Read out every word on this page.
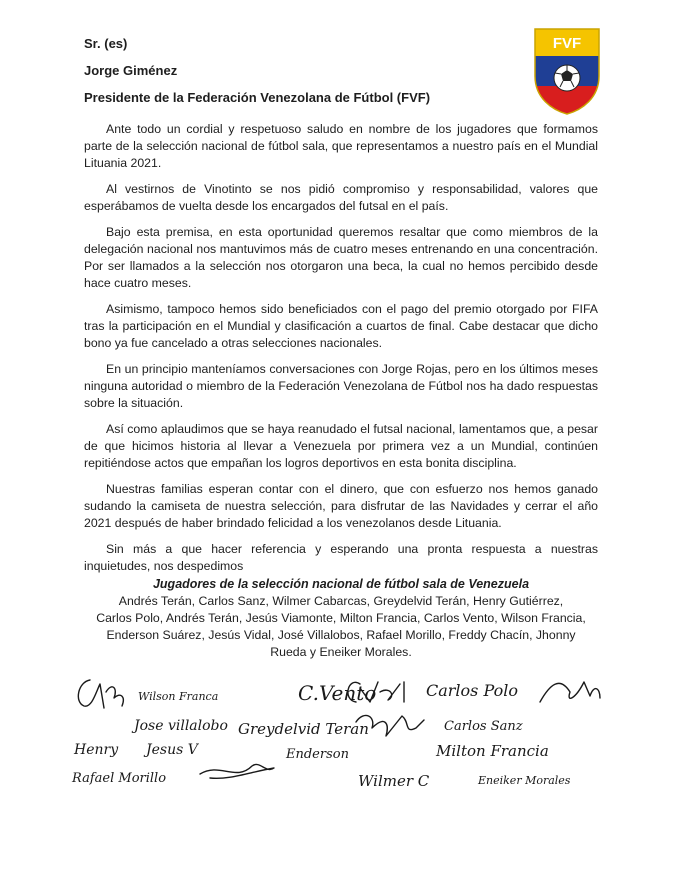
Sr. (es)
Jorge Giménez
Presidente de la Federación Venezolana de Fútbol (FVF)
FVF

Ante todo un cordial y respetuoso saludo en nombre de los jugadores que formamos parte de la selección nacional de fútbol sala, que representamos a nuestro país en el Mundial Lituania 2021.

Al vestirnos de Vinotinto se nos pidió compromiso y responsabilidad, valores que esperábamos de vuelta desde los encargados del futsal en el país.

Bajo esta premisa, en esta oportunidad queremos resaltar que como miembros de la delegación nacional nos mantuvimos más de cuatro meses entrenando en una concentración. Por ser llamados a la selección nos otorgaron una beca, la cual no hemos percibido desde hace cuatro meses.

Asimismo, tampoco hemos sido beneficiados con el pago del premio otorgado por FIFA tras la participación en el Mundial y clasificación a cuartos de final. Cabe destacar que dicho bono ya fue cancelado a otras selecciones nacionales.

En un principio manteníamos conversaciones con Jorge Rojas, pero en los últimos meses ninguna autoridad o miembro de la Federación Venezolana de Fútbol nos ha dado respuestas sobre la situación.

Así como aplaudimos que se haya reanudado el futsal nacional, lamentamos que, a pesar de que hicimos historia al llevar a Venezuela por primera vez a un Mundial, continúen repitiéndose actos que empañan los logros deportivos en esta bonita disciplina.

Nuestras familias esperan contar con el dinero, que con esfuerzo nos hemos ganado sudando la camiseta de nuestra selección, para disfrutar de las Navidades y cerrar el año 2021 después de haber brindado felicidad a los venezolanos desde Lituania.

Sin más a que hacer referencia y esperando una pronta respuesta a nuestras inquietudes, nos despedimos

Jugadores de la selección nacional de fútbol sala de Venezuela
Andrés Terán, Carlos Sanz, Wilmer Cabarcas, Greydelvid Terán, Henry Gutiérrez,
Carlos Polo, Andrés Terán, Jesús Viamonte, Milton Francia, Carlos Vento, Wilson Francia,
Enderson Suárez, Jesús Vidal, José Villalobos, Rafael Morillo, Freddy Chacín, Jhonny
Rueda y Eneiker Morales.
Wilson Franca	C.Vento	Carlos Polo
Jose villalobo Greydelvid Teran	Carlos Sanz
Henry Jesus V	Enderson	Milton Francia
Rafael Morillo	Wilmer C	Eneiker Morales
